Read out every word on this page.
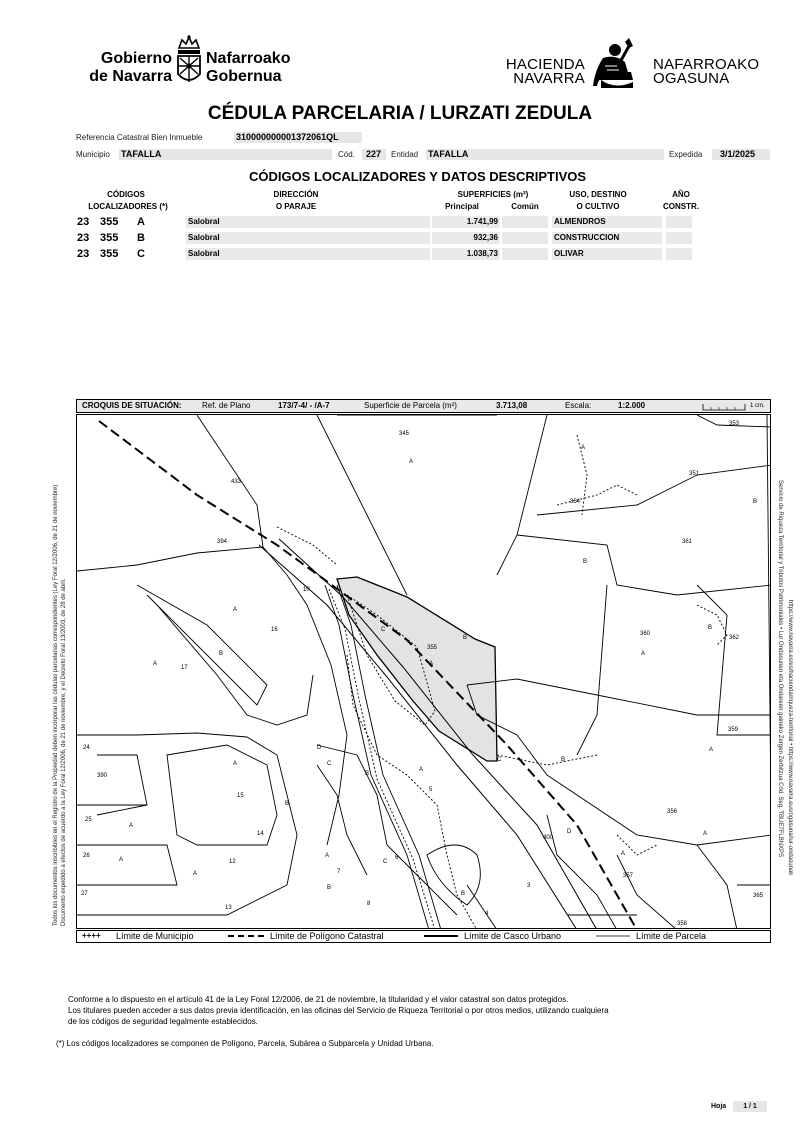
Gobierno
de Navarra
Nafarroako
Gobernua
HACIENDA
NAVARRA
NAFARROAKO
OGASUNA
CÉDULA PARCELARIA / LURZATI ZEDULA
Referencia Catastral Bien Inmueble	310000000001372061QL
Municipio TAFALLA	Cód. 227 Entidad TAFALLA	Expedida 3/1/2025
CÓDIGOS LOCALIZADORES Y DATOS DESCRIPTIVOS
CÓDIGOS
LOCALIZADORES (*)
DIRECCIÓN
O PARAJE
SUPERFICIES (m²)
Principal	Común
USO, DESTINO
O CULTIVO
AÑO
CONSTR.
23 355 A	Salobral	1.741,99	ALMENDROS
23 355 B	Salobral	932,36	CONSTRUCCION
23 355 C	Salobral	1.038,73	OLIVAR
CROQUIS DE SITUACIÓN:	Ref. de Plano	173/7-4/ - /A-7	Superficie de Parcela (m²)	3.713,08	Escala:	1:2.000	1 cm.
345
A
353
433
351
354
A
B
B
361
394
10
A
16
B
A
17
C
B
355
A
360
A
B
362
359
A
24
390
A
D
C
B
A
C	B
15
B
5
14
25
A
400
D
356
A
26
A	12
A
A
C
6
7
B
A
357
3
B
27
13
8
4
358
365
++++ Límite de Municipio	Límite de Polígono Catastral	Límite de Casco Urbano	Límite de Parcela
Todos los documentos inscribibles en el Registro de la Propiedad deben incorporar las cédulas parcelarias correspondientes (Ley Foral 12/2006, de 21 de noviembre) Documento expedido a efectos de acuerdo a la Ley Foral 12/2006, de 21 de noviembre, y el Decreto Foral 13/2003, de 28 de abril.	Servicio de Riqueza Territorial y Tributos Patrimoniales • Lur Ondasunen eta Ondareen gaineko Zergen Zerbitzua Cód. Seg. TBUE7FLBNXPS https://www.navarra.es/es/hacienda/riqueza-territorial • https://www.navarra.eus/ogasuna/lur-ondasunak
Conforme a lo dispuesto en el artículo 41 de la Ley Foral 12/2006, de 21 de noviembre, la titularidad y el valor catastral son datos protegidos.
Los titulares pueden acceder a sus datos previa identificación, en las oficinas del Servicio de Riqueza Territorial o por otros medios, utilizando cualquiera
de los códigos de seguridad legalmente establecidos.
(*) Los códigos localizadores se componen de Polígono, Parcela, Subárea o Subparcela y Unidad Urbana.
Hoja	1 / 1
